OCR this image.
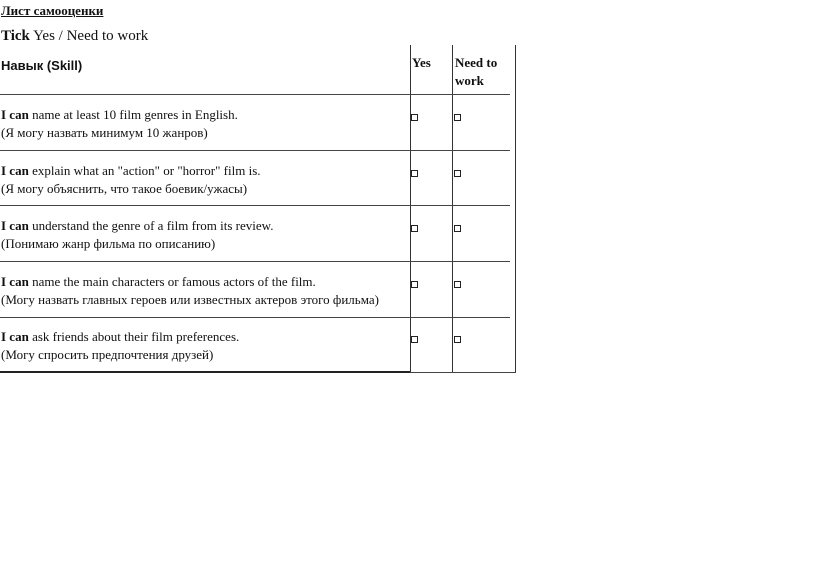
Лист самооценки
Tick Yes / Need to work
Навык (Skill)	Yes Need to
work
I can name at least 10 film genres in English.
(Я могу назвать минимум 10 жанров)
I can explain what an "action" or "horror" film is.
(Я могу объяснить, что такое боевик/ужасы)
I can understand the genre of a film from its review.
(Понимаю жанр фильма по описанию)
I can name the main characters or famous actors of the film.
(Могу назвать главных героев или известных актеров этого фильма)
I can ask friends about their film preferences.
(Могу спросить предпочтения друзей)
